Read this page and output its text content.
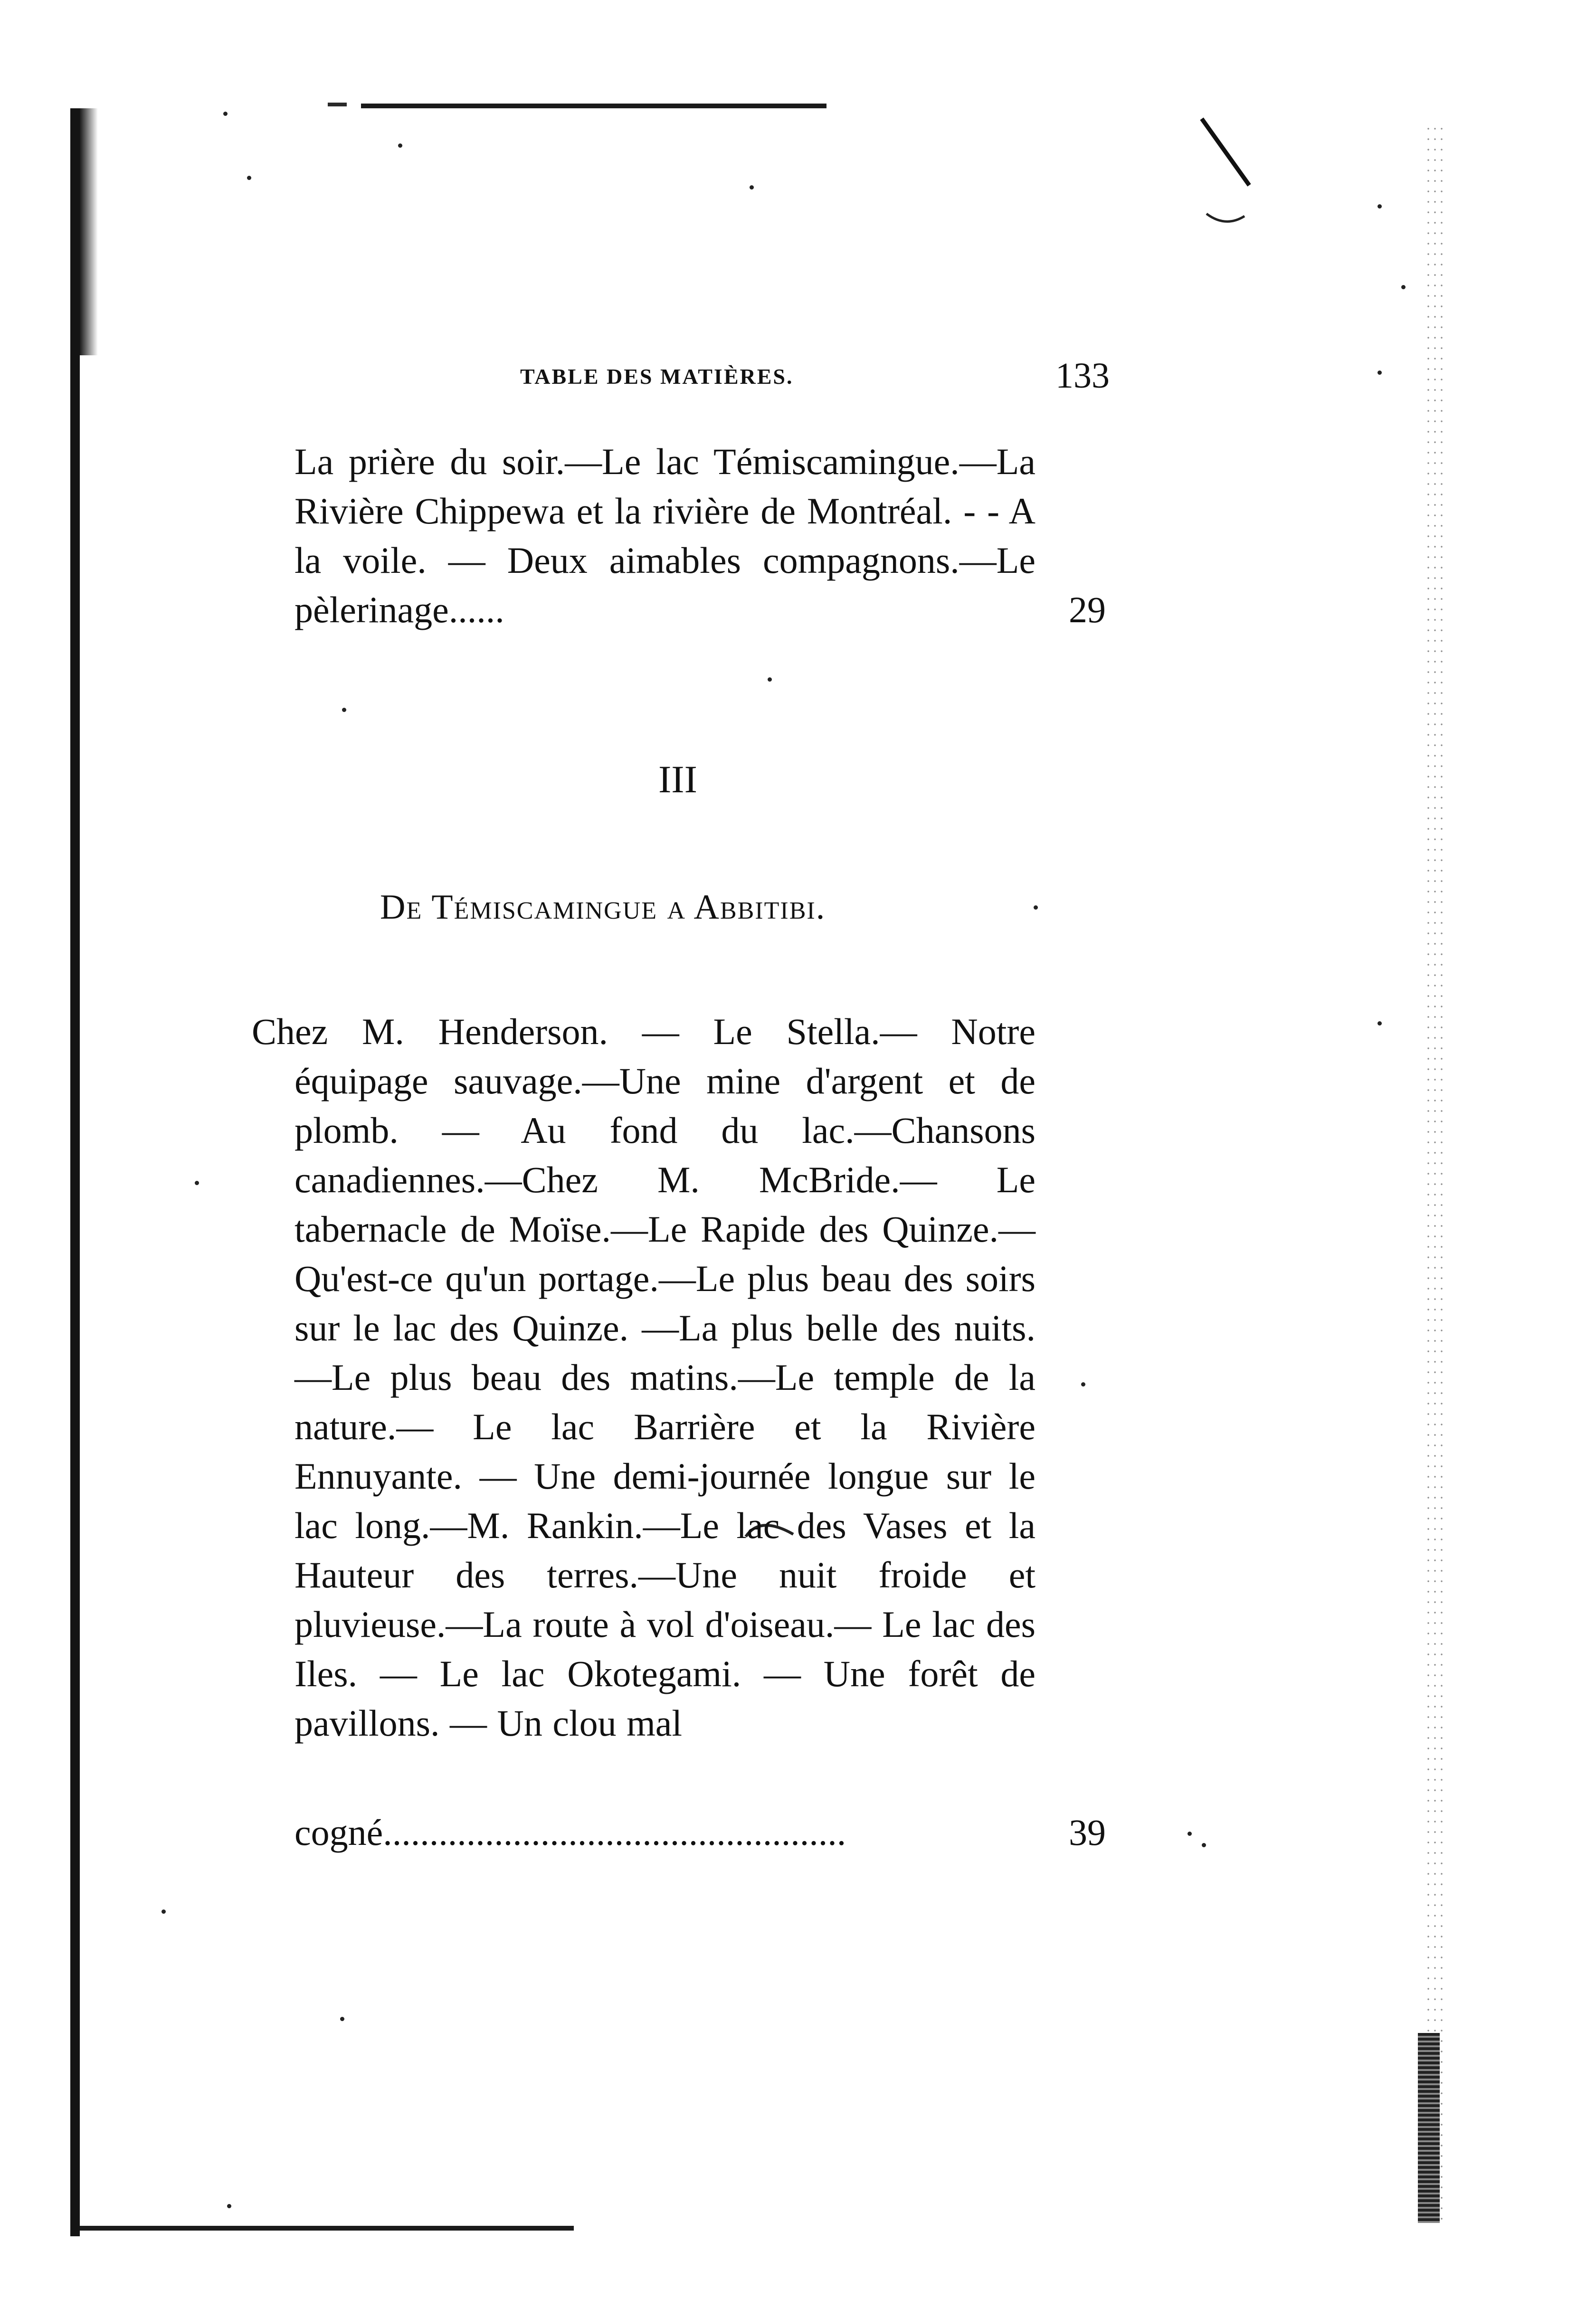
TABLE DES MATIÈRES.	133
La prière du soir.—Le lac Témiscamingue.—La Rivière Chippewa et la rivière de Montréal. - - A la voile. — Deux aimables compagnons.—Le pèlerinage......	29
III
De Témiscamingue a Abbitibi.
Chez M. Henderson. — Le Stella.— Notre équipage sauvage.—Une mine d'argent et de plomb. — Au fond du lac.—Chansons canadiennes.—Chez M. McBride.— Le tabernacle de Moïse.—Le Rapide des Quinze.—Qu'est-ce qu'un portage.—Le plus beau des soirs sur le lac des Quinze. —La plus belle des nuits.—Le plus beau des matins.—Le temple de la nature.— Le lac Barrière et la Rivière Ennuyante. — Une demi-journée longue sur le lac long.—M. Rankin.—Le lac des Vases et la Hauteur des terres.—Une nuit froide et pluvieuse.—La route à vol d'oiseau.— Le lac des Iles. — Le lac Okotegami. — Une forêt de pavillons. — Un clou mal
cogné..................................................	39
